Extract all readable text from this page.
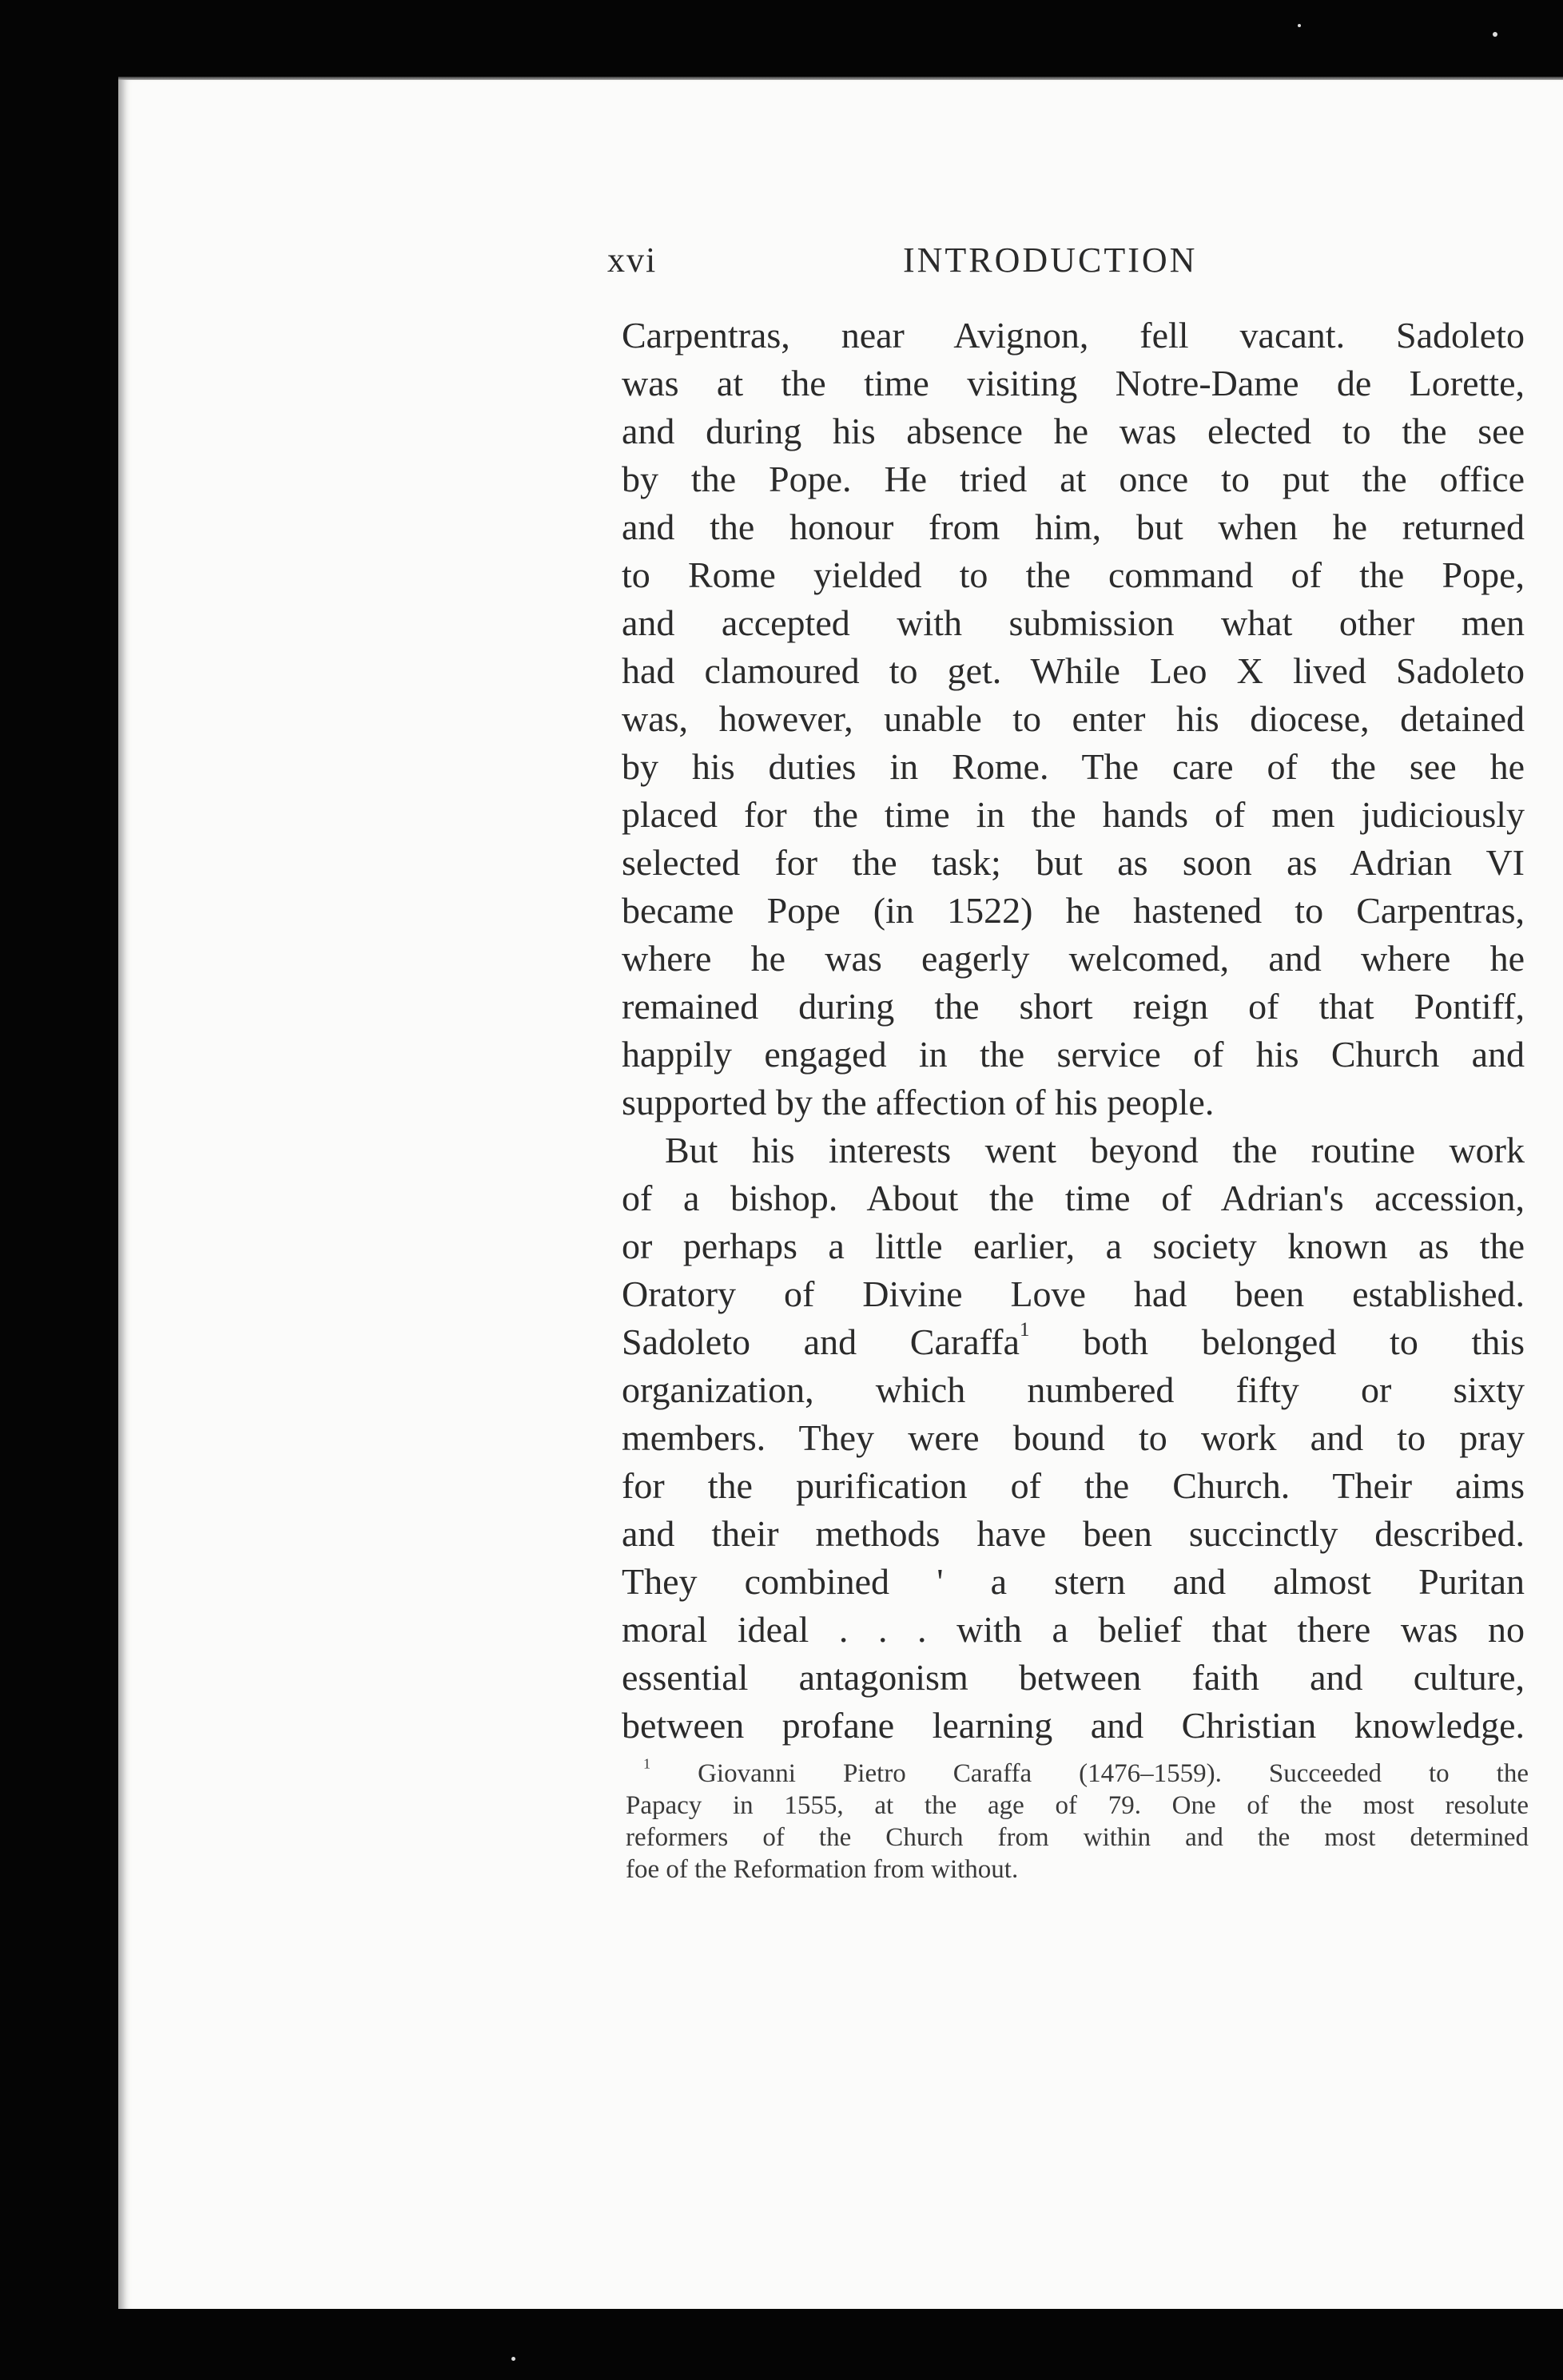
xvi	INTRODUCTION
Carpentras, near Avignon, fell vacant. Sadoleto
was at the time visiting Notre-Dame de Lorette,
and during his absence he was elected to the see
by the Pope. He tried at once to put the office
and the honour from him, but when he returned
to Rome yielded to the command of the Pope,
and accepted with submission what other men
had clamoured to get. While Leo X lived Sadoleto
was, however, unable to enter his diocese, detained
by his duties in Rome. The care of the see he
placed for the time in the hands of men judiciously
selected for the task; but as soon as Adrian VI
became Pope (in 1522) he hastened to Carpentras,
where he was eagerly welcomed, and where he
remained during the short reign of that Pontiff,
happily engaged in the service of his Church and
supported by the affection of his people.
But his interests went beyond the routine work
of a bishop. About the time of Adrian's accession,
or perhaps a little earlier, a society known as the
Oratory of Divine Love had been established.
Sadoleto and Caraffa$^1$ both belonged to this
organization, which numbered fifty or sixty
members. They were bound to work and to pray
for the purification of the Church. Their aims
and their methods have been succinctly described.
They combined ' a stern and almost Puritan
moral ideal . . . with a belief that there was no
essential antagonism between faith and culture,
between profane learning and Christian knowledge.
$^1$ Giovanni Pietro Caraffa (1476–1559). Succeeded to the
Papacy in 1555, at the age of 79. One of the most resolute
reformers of the Church from within and the most determined
foe of the Reformation from without.
